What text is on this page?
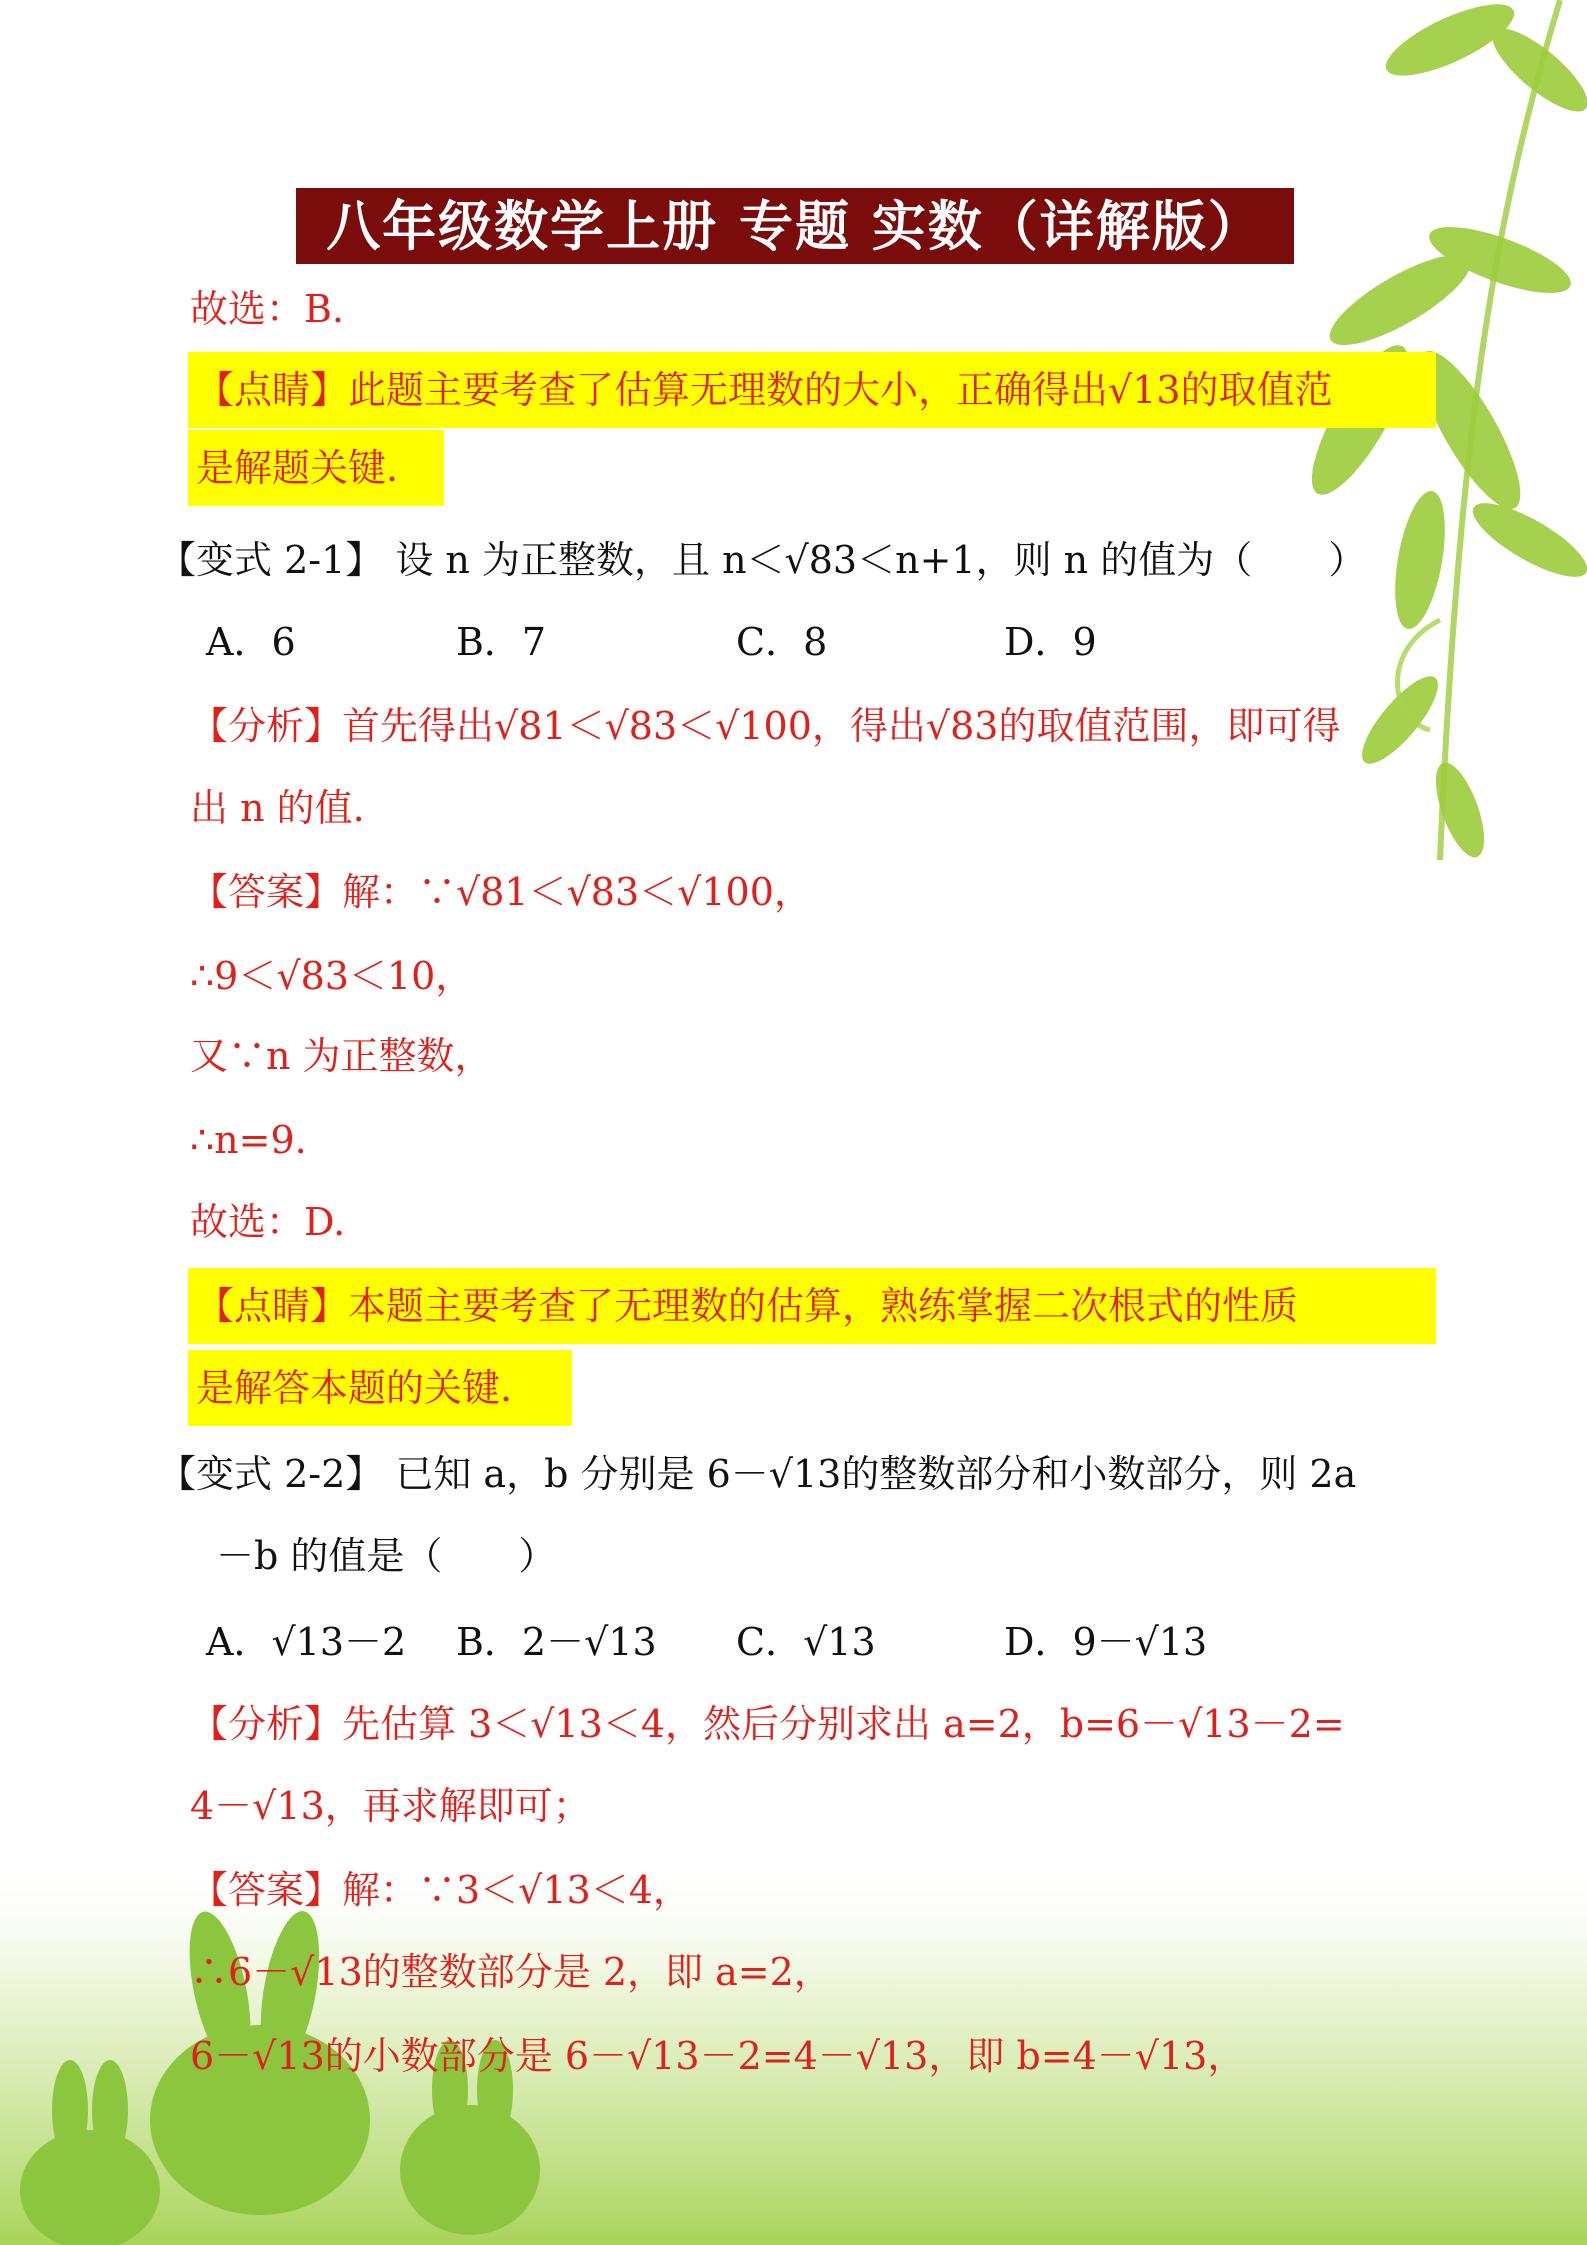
八年级数学上册 专题 实数（详解版）
故选：B.
【点睛】此题主要考查了估算无理数的大小，正确得出√13的取值范
是解题关键.
【变式 2-1】 设 n 为正整数，且 n＜√83＜n+1，则 n 的值为（　　）
A．6	B．7	C．8	D．9
【分析】首先得出√81＜√83＜√100，得出√83的取值范围，即可得
出 n 的值.
【答案】解：∵√81＜√83＜√100，
∴9＜√83＜10，
又∵n 为正整数，
∴n=9.
故选：D.
【点睛】本题主要考查了无理数的估算，熟练掌握二次根式的性质
是解答本题的关键.
【变式 2-2】 已知 a，b 分别是 6－√13的整数部分和小数部分，则 2a
－b 的值是（　　）
A．√13－2 B．2－√13 C．√13	D．9－√13
【分析】先估算 3＜√13＜4，然后分别求出 a=2，b=6－√13－2=
4－√13，再求解即可；
【答案】解：∵3＜√13＜4，
∴6－√13的整数部分是 2，即 a=2，
6－√13的小数部分是 6－√13－2=4－√13，即 b=4－√13，
